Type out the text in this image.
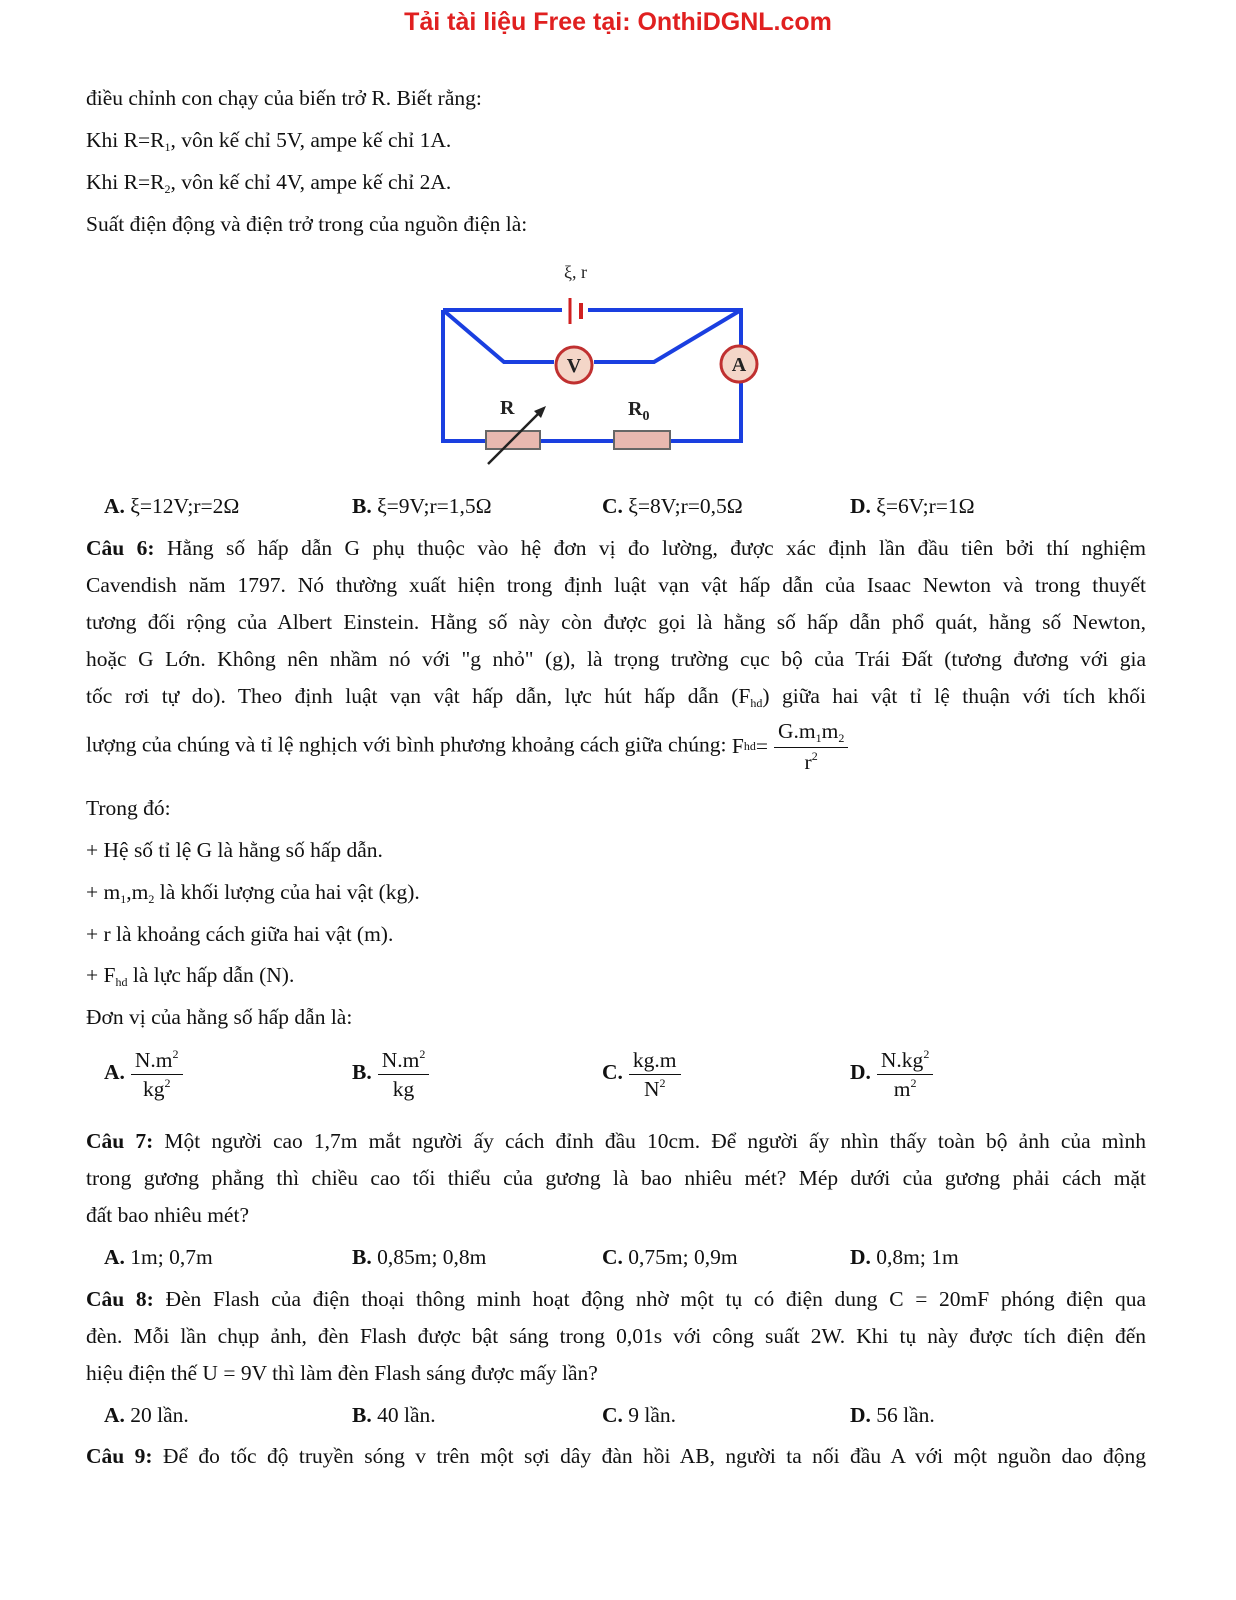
Tải tài liệu Free tại: OnthiDGNL.com
điều chỉnh con chạy của biến trở R. Biết rằng:
Khi $R=R_1$, vôn kế chỉ 5V, ampe kế chỉ 1A.
Khi $R=R_2$, vôn kế chỉ 4V, ampe kế chỉ 2A.
Suất điện động và điện trở trong của nguồn điện là:
ξ, r
V	A
R	$R_0$
A. ξ=12V;r=2Ω	B. ξ=9V;r=1,5Ω	C. ξ=8V;r=0,5Ω	D. ξ=6V;r=1Ω
Câu 6: Hằng số hấp dẫn G phụ thuộc vào hệ đơn vị đo lường, được xác định lần đầu tiên bởi thí nghiệm
Cavendish năm 1797. Nó thường xuất hiện trong định luật vạn vật hấp dẫn của Isaac Newton và trong thuyết
tương đối rộng của Albert Einstein. Hằng số này còn được gọi là hằng số hấp dẫn phổ quát, hằng số Newton,
hoặc G Lớn. Không nên nhầm nó với "g nhỏ" (g), là trọng trường cục bộ của Trái Đất (tương đương với gia
tốc rơi tự do). Theo định luật vạn vật hấp dẫn, lực hút hấp dẫn $(F_{hd})$ giữa hai vật tỉ lệ thuận với tích khối
lượng của chúng và tỉ lệ nghịch với bình phương khoảng cách giữa chúng: F hd = $\frac{G.m_1m_2}{r^2}$
Trong đó:
+ Hệ số tỉ lệ G là hằng số hấp dẫn.
+ $m_1,m_2$ là khối lượng của hai vật (kg).
+ r là khoảng cách giữa hai vật (m).
+ $F_{hd}$ là lực hấp dẫn (N).
Đơn vị của hằng số hấp dẫn là:
A. $\frac{N.m^2}{kg^2}$	B. $\frac{N.m^2}{kg}$	C. $\frac{kg.m}{N^2}$	D. $\frac{N.kg^2}{m^2}$
Câu 7: Một người cao 1,7m mắt người ấy cách đỉnh đầu 10cm. Để người ấy nhìn thấy toàn bộ ảnh của mình
trong gương phẳng thì chiều cao tối thiểu của gương là bao nhiêu mét? Mép dưới của gương phải cách mặt
đất bao nhiêu mét?
A. 1m; 0,7m	B. 0,85m; 0,8m	C. 0,75m; 0,9m	D. 0,8m; 1m
Câu 8: Đèn Flash của điện thoại thông minh hoạt động nhờ một tụ có điện dung C = 20mF phóng điện qua
đèn. Mỗi lần chụp ảnh, đèn Flash được bật sáng trong 0,01s với công suất 2W. Khi tụ này được tích điện đến
hiệu điện thế U = 9V thì làm đèn Flash sáng được mấy lần?
A. 20 lần.	B. 40 lần.	C. 9 lần.	D. 56 lần.
Câu 9: Để đo tốc độ truyền sóng v trên một sợi dây đàn hồi AB, người ta nối đầu A với một nguồn dao động
